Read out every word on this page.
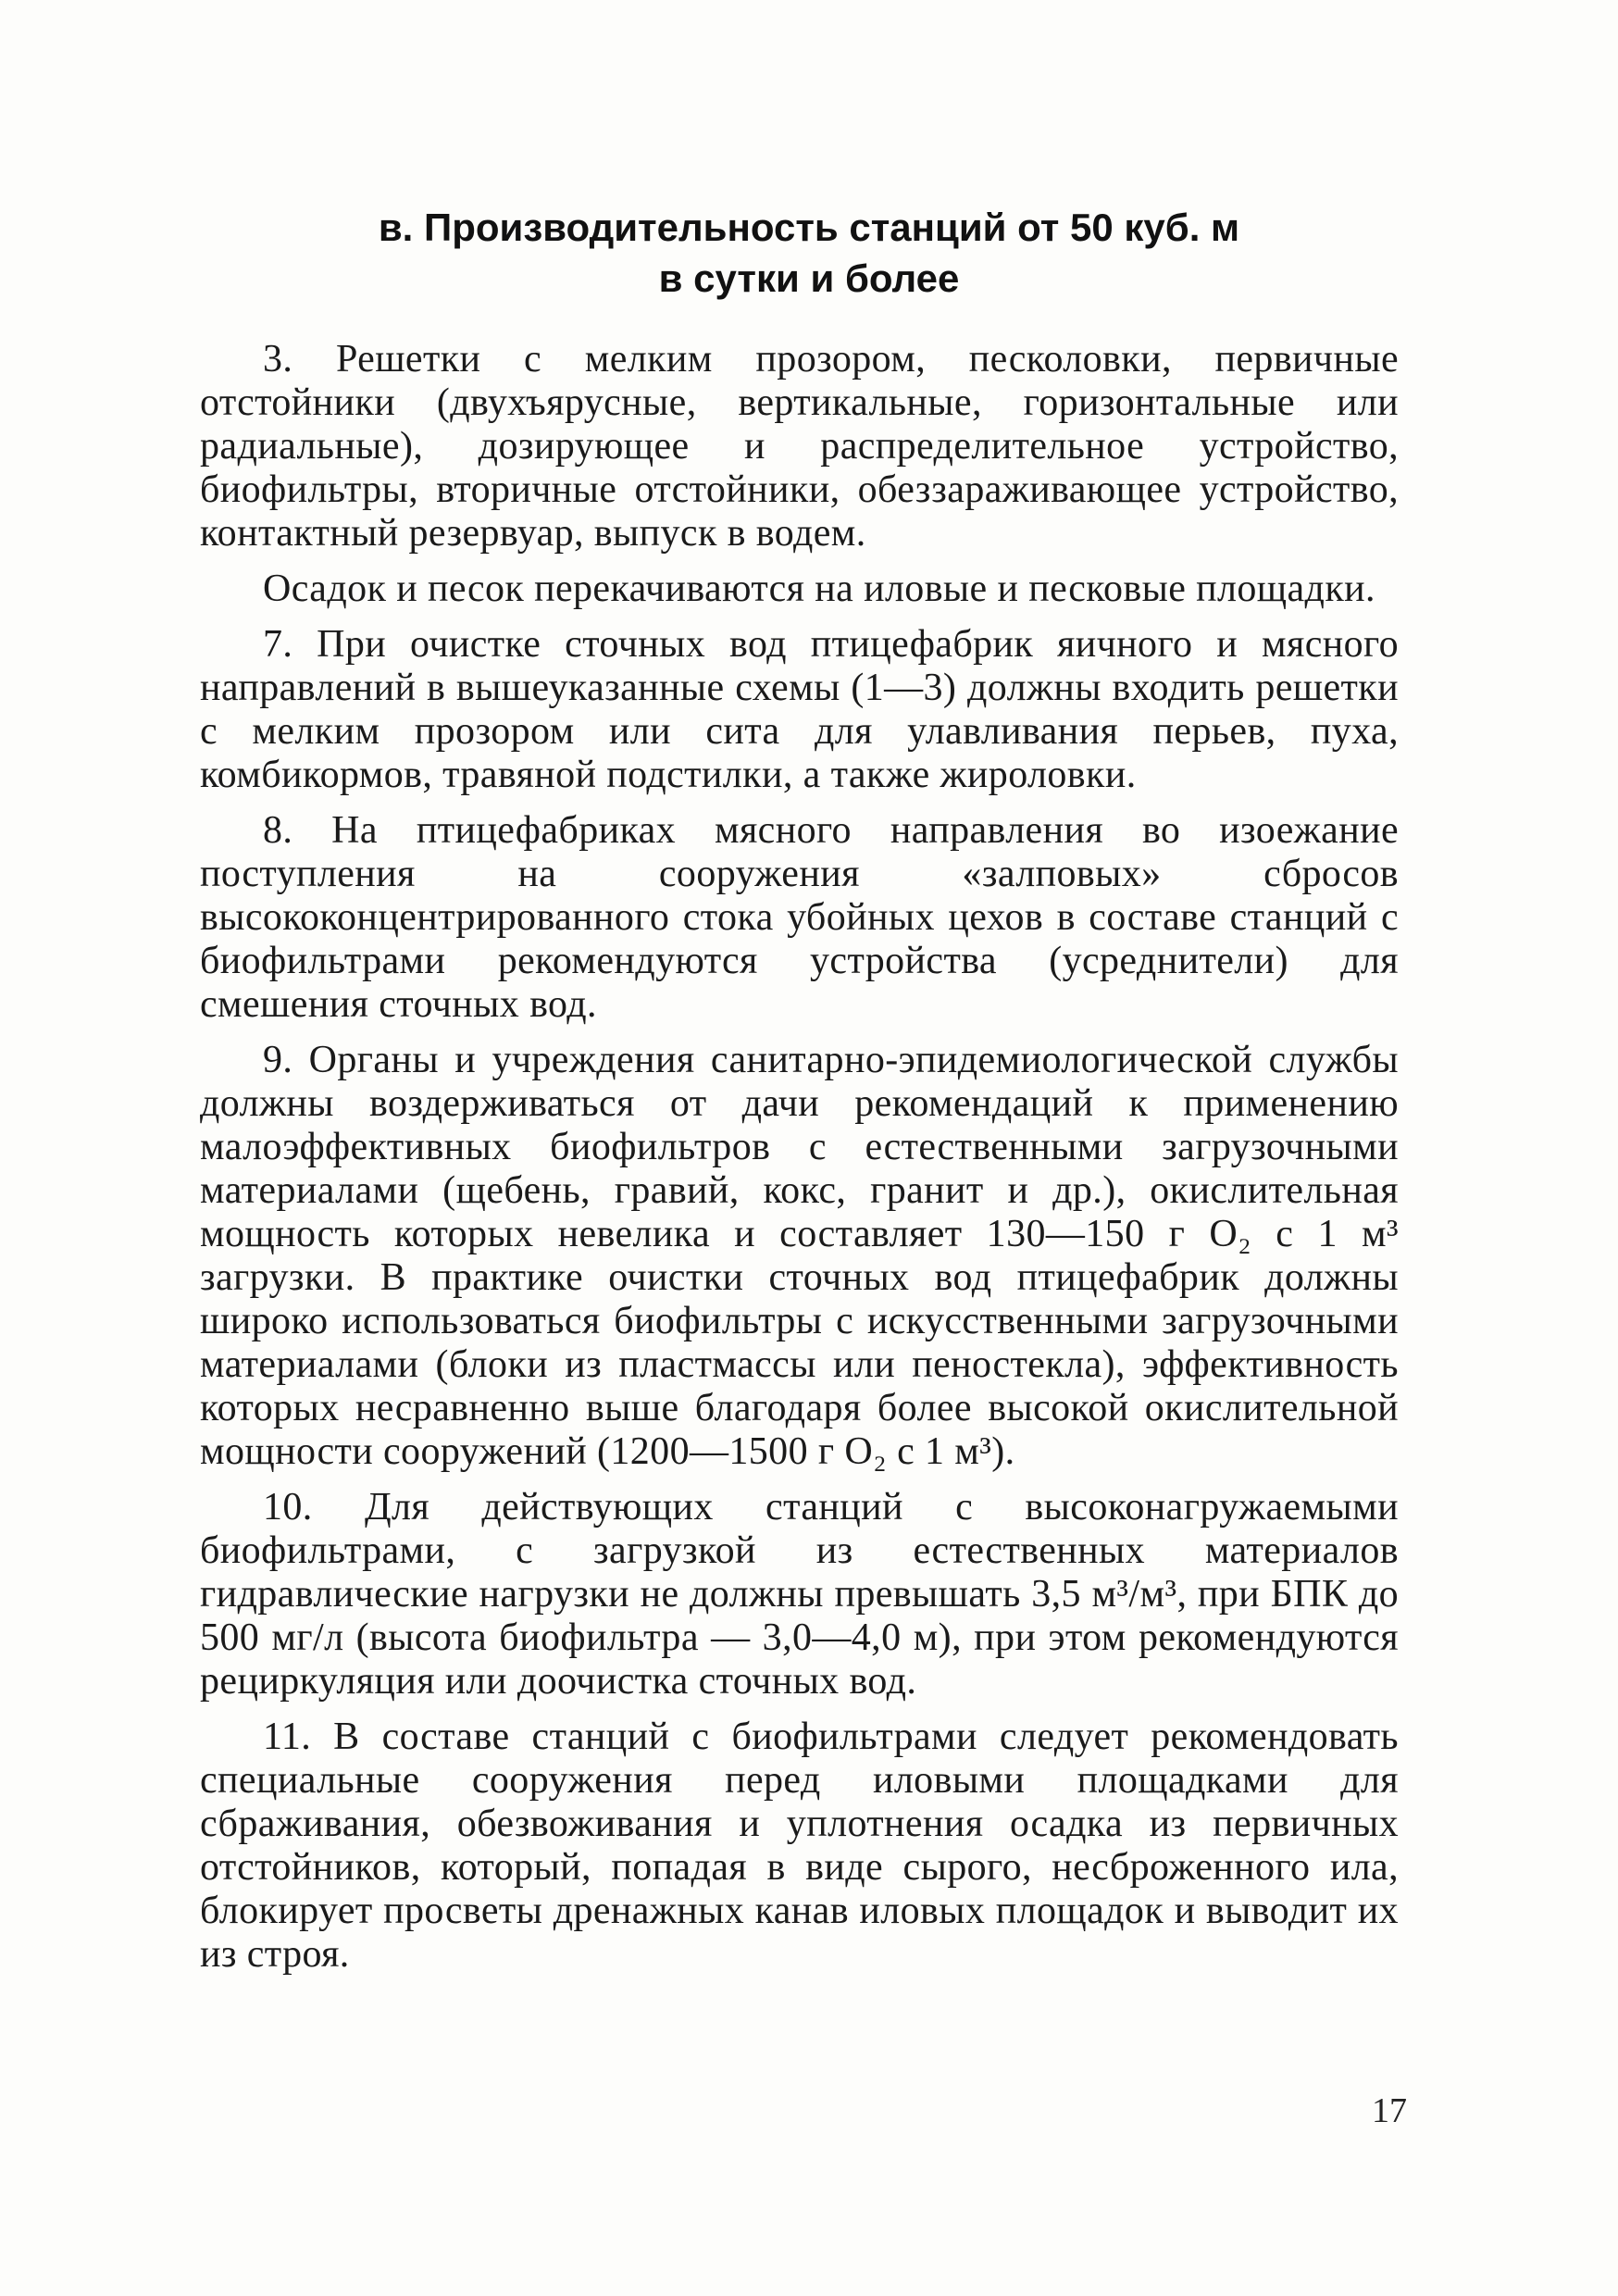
в. Производительность станций от 50 куб. м
в сутки и более

3. Решетки с мелким прозором, песколовки, первичные отстойники (двухъярусные, вертикальные, горизонтальные или радиальные), дозирующее и распределительное устройство, биофильтры, вторичные отстойники, обеззараживающее устройство, контактный резервуар, выпуск в водем.

Осадок и песок перекачиваются на иловые и песковые площадки.

7. При очистке сточных вод птицефабрик яичного и мясного направлений в вышеуказанные схемы (1—3) должны входить решетки с мелким прозором или сита для улавливания перьев, пуха, комбикормов, травяной подстилки, а также жироловки.

8. На птицефабриках мясного направления во изоежание поступления на сооружения «залповых» сбросов высококонцентрированного стока убойных цехов в составе станций с биофильтрами рекомендуются устройства (усреднители) для смешения сточных вод.

9. Органы и учреждения санитарно-эпидемиологической службы должны воздерживаться от дачи рекомендаций к применению малоэффективных биофильтров с естественными загрузочными материалами (щебень, гравий, кокс, гранит и др.), окислительная мощность которых невелика и составляет 130—150 г О₂ с 1 м³ загрузки. В практике очистки сточных вод птицефабрик должны широко использоваться биофильтры с искусственными загрузочными материалами (блоки из пластмассы или пеностекла), эффективность которых несравненно выше благодаря более высокой окислительной мощности сооружений (1200—1500 г О₂ с 1 м³).

10. Для действующих станций с высоконагружаемыми биофильтрами, с загрузкой из естественных материалов гидравлические нагрузки не должны превышать 3,5 м³/м³, при БПК до 500 мг/л (высота биофильтра — 3,0—4,0 м), при этом рекомендуются рециркуляция или доочистка сточных вод.

11. В составе станций с биофильтрами следует рекомендовать специальные сооружения перед иловыми площадками для сбраживания, обезвоживания и уплотнения осадка из первичных отстойников, который, попадая в виде сырого, несброженного ила, блокирует просветы дренажных канав иловых площадок и выводит их из строя.

17
